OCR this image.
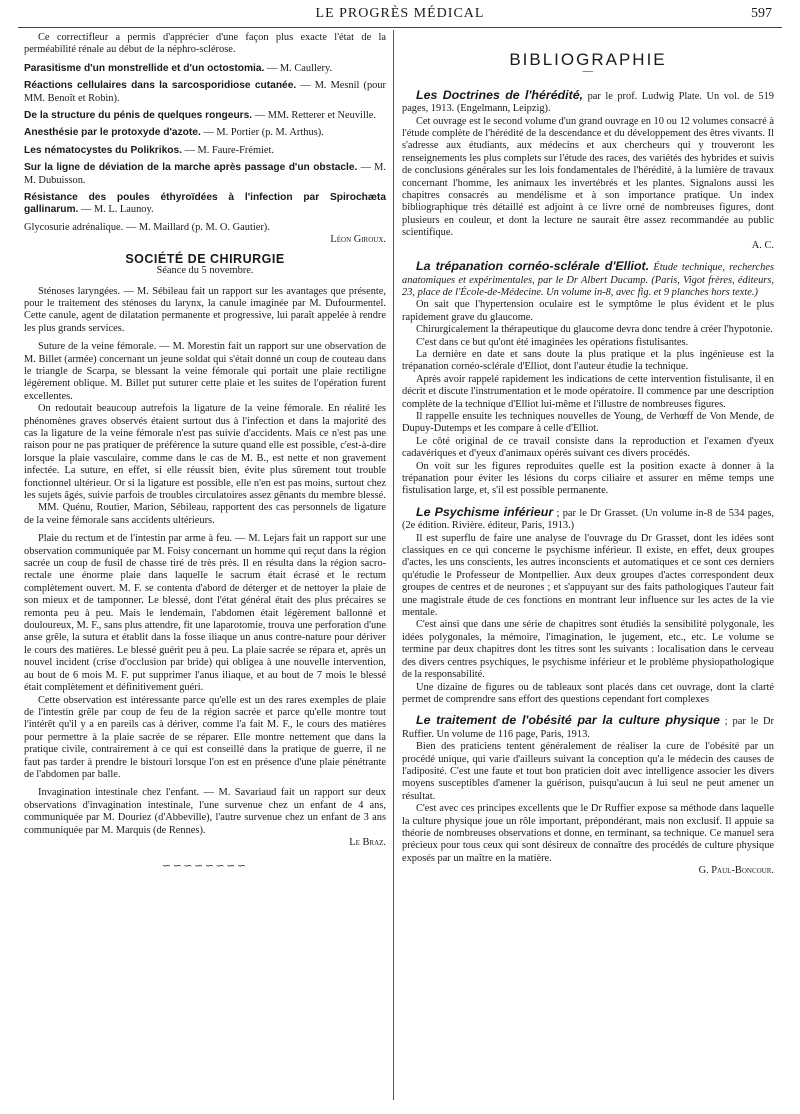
LE PROGRÈS MÉDICAL	597

Ce correctifleur a permis d'apprécier d'une façon plus exacte l'état de la perméabilité rénale au début de la néphro-sclérose.

Parasitisme d'un monstrellide et d'un octostomia. — M. Caullery.

Réactions cellulaires dans la sarcosporidiose cutanée. — M. Mesnil (pour MM. Benoît et Robin).

De la structure du pénis de quelques rongeurs. — MM. Retterer et Neuville.

Anesthésie par le protoxyde d'azote. — M. Portier (p. M. Arthus).

Les nématocystes du Polikrikos. — M. Faure-Frémiet.

Sur la ligne de déviation de la marche après passage d'un obstacle. — M. M. Dubuisson.

Résistance des poules éthyroïdées à l'infection par Spirochæta gallinarum. — M. L. Launoy.

Glycosurie adrénalique. — M. Maillard (p. M. O. Gautier).

Léon Giroux.

SOCIÉTÉ DE CHIRURGIE
Séance du 5 novembre.

Sténoses laryngées. — M. Sébileau fait un rapport sur les avantages que présente, pour le traitement des sténoses du larynx, la canule imaginée par M. Dufourmentel. Cette canule, agent de dilatation permanente et progressive, lui paraît appelée à rendre les plus grands services.

Suture de la veine fémorale. — M. Morestin fait un rapport sur une observation de M. Billet (armée) concernant un jeune soldat qui s'était donné un coup de couteau dans le triangle de Scarpa, se blessant la veine fémorale qui portait une plaie rectiligne légèrement oblique. M. Billet put suturer cette plaie et les suites de l'opération furent excellentes.

On redoutait beaucoup autrefois la ligature de la veine fémorale. En réalité les phénomènes graves observés étaient surtout dus à l'infection et dans la majorité des cas la ligature de la veine fémorale n'est pas suivie d'accidents. Mais ce n'est pas une raison pour ne pas pratiquer de préférence la suture quand elle est possible, c'est-à-dire lorsque la plaie vasculaire, comme dans le cas de M. B., est nette et non gravement infectée. La suture, en effet, si elle réussit bien, évite plus sûrement tout trouble fonctionnel ultérieur. Or si la ligature est possible, elle n'en est pas moins, surtout chez les sujets âgés, suivie parfois de troubles circulatoires assez gênants du membre blessé.

MM. Quénu, Routier, Marion, Sébileau, rapportent des cas personnels de ligature de la veine fémorale sans accidents ultérieurs.

Plaie du rectum et de l'intestin par arme à feu. — M. Lejars fait un rapport sur une observation communiquée par M. Foisy concernant un homme qui reçut dans la région sacrée un coup de fusil de chasse tiré de très près. Il en résulta dans la région sacro-rectale une énorme plaie dans laquelle le sacrum était écrasé et le rectum complètement ouvert. M. F. se contenta d'abord de déterger et de nettoyer la plaie de son mieux et de tamponner. Le blessé, dont l'état général était des plus précaires se remonta peu à peu. Mais le lendemain, l'abdomen était légèrement ballonné et douloureux, M. F., sans plus attendre, fit une laparotomie, trouva une perforation d'une anse grêle, la sutura et établit dans la fosse iliaque un anus contre-nature pour dériver le cours des matières. Le blessé guérit peu à peu. La plaie sacrée se répara et, après un nouvel incident (crise d'occlusion par bride) qui obligea à une nouvelle intervention, au bout de 6 mois M. F. put supprimer l'anus iliaque, et au bout de 7 mois le blessé était complètement et définitivement guéri.

Cette observation est intéressante parce qu'elle est un des rares exemples de plaie de l'intestin grêle par coup de feu de la région sacrée et parce qu'elle montre tout l'intérêt qu'il y a en pareils cas à dériver, comme l'a fait M. F., le cours des matières pour permettre à la plaie sacrée de se réparer. Elle montre nettement que dans la pratique civile, contrairement à ce qui est conseillé dans la pratique de guerre, il ne faut pas tarder à prendre le bistouri lorsque l'on est en présence d'une plaie pénétrante de l'abdomen par balle.

Invagination intestinale chez l'enfant. — M. Savariaud fait un rapport sur deux observations d'invagination intestinale, l'une survenue chez un enfant de 4 ans, communiquée par M. Douriez (d'Abbeville), l'autre survenue chez un enfant de 3 ans communiquée par M. Marquis (de Rennes).

Le Braz.

∽∽∽∽∽∽∽∽
BIBLIOGRAPHIE
—

Les Doctrines de l'hérédité, par le prof. Ludwig Plate. Un vol. de 519 pages, 1913. (Engelmann, Leipzig).

Cet ouvrage est le second volume d'un grand ouvrage en 10 ou 12 volumes consacré à l'étude complète de l'hérédité de la descendance et du développement des êtres vivants. Il s'adresse aux étudiants, aux médecins et aux chercheurs qui y trouveront les renseignements les plus complets sur l'étude des races, des variétés des hybrides et suivis de conclusions générales sur les lois fondamentales de l'hérédité, à la lumière de travaux concernant l'homme, les animaux les invertébrés et les plantes. Signalons aussi les chapitres consacrés au mendélisme et à son importance pratique. Un index bibliographique très détaillé est adjoint à ce livre orné de nombreuses figures, dont plusieurs en couleur, et dont la lecture ne saurait être assez recommandée au public scientifique.

A. C.

La trépanation cornéo-sclérale d'Elliot. Étude technique, recherches anatomiques et expérimentales, par le Dr Albert Ducamp. (Paris, Vigot frères, éditeurs, 23, place de l'École-de-Médecine. Un volume in-8, avec fig. et 9 planches hors texte.)

On sait que l'hypertension oculaire est le symptôme le plus évident et le plus rapidement grave du glaucome.

Chirurgicalement la thérapeutique du glaucome devra donc tendre à créer l'hypotonie.

C'est dans ce but qu'ont été imaginées les opérations fistulisantes.

La dernière en date et sans doute la plus pratique et la plus ingénieuse est la trépanation cornéo-sclérale d'Elliot, dont l'auteur étudie la technique.

Après avoir rappelé rapidement les indications de cette intervention fistulisante, il en décrit et discute l'instrumentation et le mode opératoire. Il commence par une description complète de la technique d'Elliot lui-même et l'illustre de nombreuses figures.

Il rappelle ensuite les techniques nouvelles de Young, de Verhœff de Von Mende, de Dupuy-Dutemps et les compare à celle d'Elliot.

Le côté original de ce travail consiste dans la reproduction et l'examen d'yeux cadavériques et d'yeux d'animaux opérés suivant ces divers procédés.

On voit sur les figures reproduites quelle est la position exacte à donner à la trépanation pour éviter les lésions du corps ciliaire et assurer en même temps une fistulisation large, et, s'il est possible permanente.

Le Psychisme inférieur ; par le Dr Grasset. (Un volume in-8 de 534 pages, (2e édition. Rivière. éditeur, Paris, 1913.)

Il est superflu de faire une analyse de l'ouvrage du Dr Grasset, dont les idées sont classiques en ce qui concerne le psychisme inférieur. Il existe, en effet, deux groupes d'actes, les uns conscients, les autres inconscients et automatiques et ce sont ces derniers qu'étudie le Professeur de Montpellier. Aux deux groupes d'actes correspondent deux groupes de centres et de neurones ; et s'appuyant sur des faits pathologiques l'auteur fait une magistrale étude de ces fonctions en montrant leur influence sur les actes de la vie mentale.

C'est ainsi que dans une série de chapitres sont étudiés la sensibilité polygonale, les idées polygonales, la mémoire, l'imagination, le jugement, etc., etc. Le volume se termine par deux chapitres dont les titres sont les suivants : localisation dans le cerveau des divers centres psychiques, le psychisme inférieur et le problème physiopathologique de la responsabilité.

Une dizaine de figures ou de tableaux sont placés dans cet ouvrage, dont la clarté permet de comprendre sans effort des questions cependant fort complexes

Le traitement de l'obésité par la culture physique ; par le Dr Ruffier. Un volume de 116 page, Paris, 1913.

Bien des praticiens tentent généralement de réaliser la cure de l'obésité par un procédé unique, qui varie d'ailleurs suivant la conception qu'a le médecin des causes de l'adiposité. C'est une faute et tout bon praticien doit avec intelligence associer les divers moyens susceptibles d'amener la guérison, puisqu'aucun à lui seul ne peut amener un résultat.

C'est avec ces principes excellents que le Dr Ruffier expose sa méthode dans laquelle la culture physique joue un rôle important, prépondérant, mais non exclusif. Il appuie sa théorie de nombreuses observations et donne, en terminant, sa technique. Ce manuel sera précieux pour tous ceux qui sont désireux de connaître des procédés de culture physique exposés par un maître en la matière.

G. Paul-Boncour.
